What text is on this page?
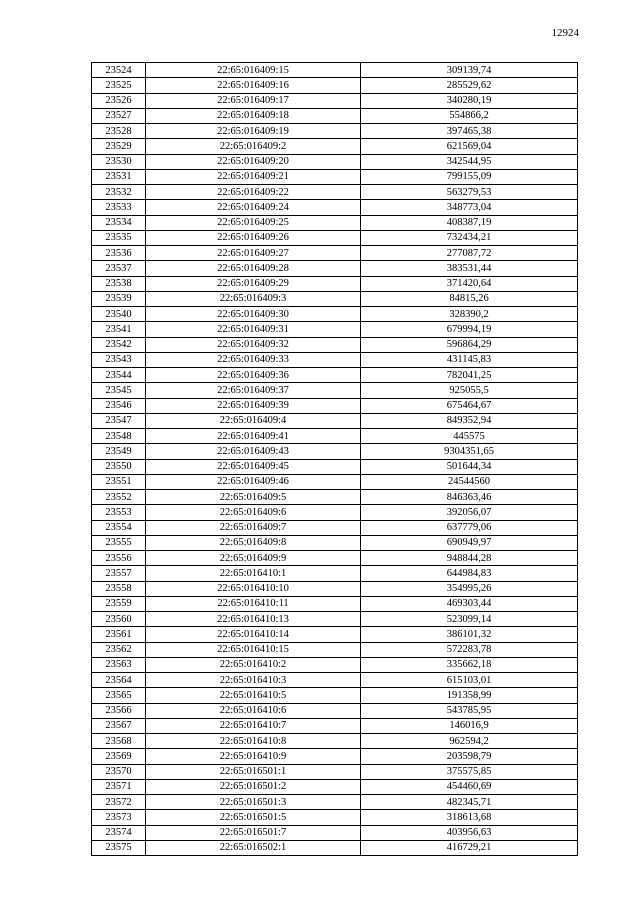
12924
23524	22:65:016409:15	309139,74
23525	22:65:016409:16	285529,62
23526	22:65:016409:17	340280,19
23527	22:65:016409:18	554866,2
23528	22:65:016409:19	397465,38
23529	22:65:016409:2	621569,04
23530	22:65:016409:20	342544,95
23531	22:65:016409:21	799155,09
23532	22:65:016409:22	563279,53
23533	22:65:016409:24	348773,04
23534	22:65:016409:25	408387,19
23535	22:65:016409:26	732434,21
23536	22:65:016409:27	277087,72
23537	22:65:016409:28	383531,44
23538	22:65:016409:29	371420,64
23539	22:65:016409:3	84815,26
23540	22:65:016409:30	328390,2
23541	22:65:016409:31	679994,19
23542	22:65:016409:32	596864,29
23543	22:65:016409:33	431145,83
23544	22:65:016409:36	782041,25
23545	22:65:016409:37	925055,5
23546	22:65:016409:39	675464,67
23547	22:65:016409:4	849352,94
23548	22:65:016409:41	445575
23549	22:65:016409:43	9304351,65
23550	22:65:016409:45	501644,34
23551	22:65:016409:46	24544560
23552	22:65:016409:5	846363,46
23553	22:65:016409:6	392056,07
23554	22:65:016409:7	637779,06
23555	22:65:016409:8	690949,97
23556	22:65:016409:9	948844,28
23557	22:65:016410:1	644984,83
23558	22:65:016410:10	354995,26
23559	22:65:016410:11	469303,44
23560	22:65:016410:13	523099,14
23561	22:65:016410:14	386101,32
23562	22:65:016410:15	572283,78
23563	22:65:016410:2	335662,18
23564	22:65:016410:3	615103,01
23565	22:65:016410:5	191358,99
23566	22:65:016410:6	543785,95
23567	22:65:016410:7	146016,9
23568	22:65:016410:8	962594,2
23569	22:65:016410:9	203598,79
23570	22:65:016501:1	375575,85
23571	22:65:016501:2	454460,69
23572	22:65:016501:3	482345,71
23573	22:65:016501:5	318613,68
23574	22:65:016501:7	403956,63
23575	22:65:016502:1	416729,21
